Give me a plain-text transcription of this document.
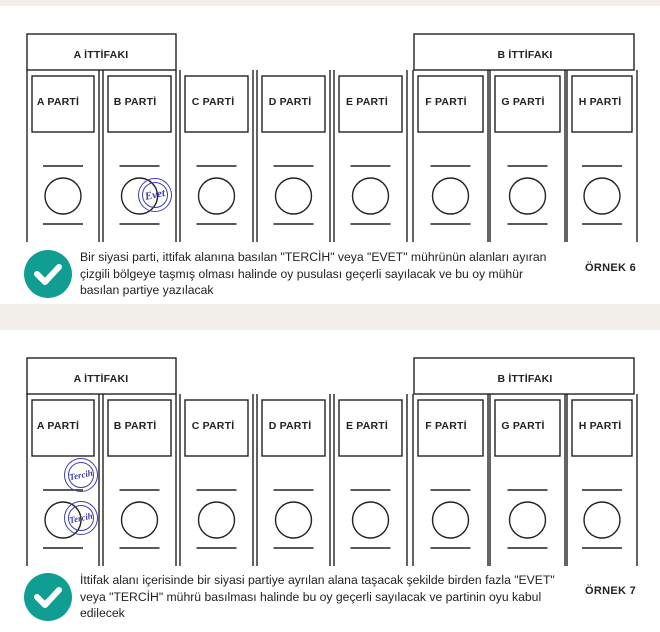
A İTTİFAKI	B İTTİFAKI
A PARTİ	B PARTİ	C PARTİ	D PARTİ	E PARTİ	F PARTİ	G PARTİ	H PARTİ
Evet
Bir siyasi parti, ittifak alanına basılan "TERCİH" veya "EVET" mührünün alanları ayıran çizgili bölgeye taşmış olması halinde oy pusulası geçerli sayılacak ve bu oy mühür basılan partiye yazılacak
ÖRNEK 6
A İTTİFAKI	B İTTİFAKI
A PARTİ	B PARTİ	C PARTİ	D PARTİ	E PARTİ	F PARTİ	G PARTİ	H PARTİ
Tercih
Tercih
İttifak alanı içerisinde bir siyasi partiye ayrılan alana taşacak şekilde birden fazla "EVET" veya "TERCİH" mührü basılması halinde bu oy geçerli sayılacak ve partinin oyu kabul edilecek
ÖRNEK 7
